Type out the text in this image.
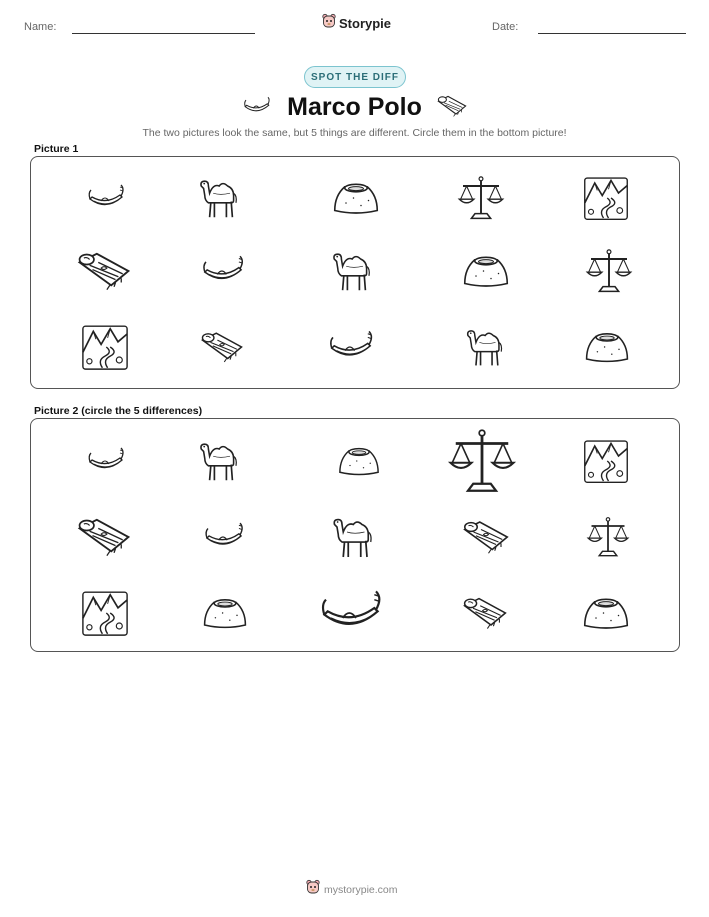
Name:	Storypie	Date:
SPOT THE DIFF
Marco Polo
The two pictures look the same, but 5 things are different. Circle them in the bottom picture!
Picture 1
Picture 2 (circle the 5 differences)
mystorypie.com
